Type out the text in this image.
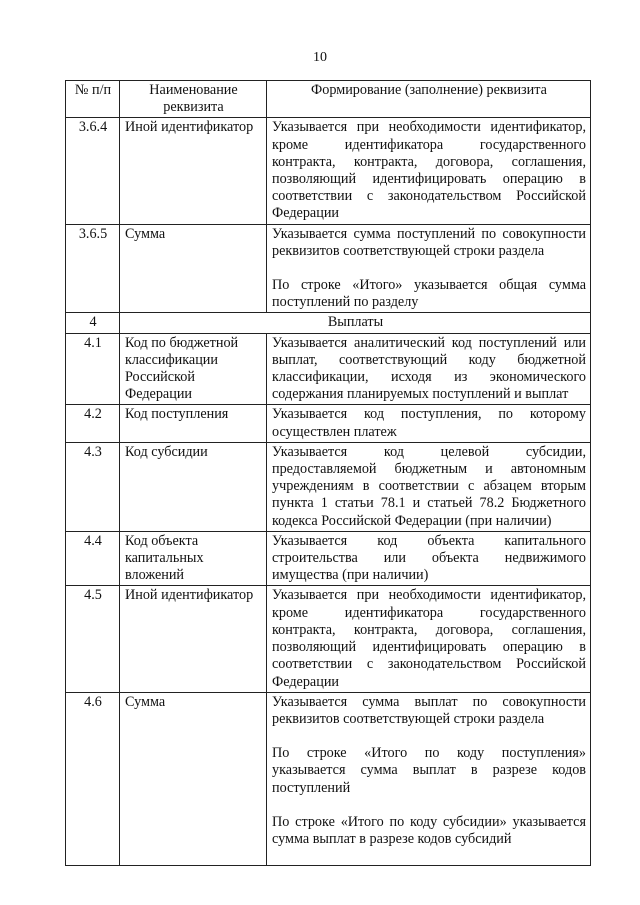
10
№ п/п	Наименование реквизита	Формирование (заполнение) реквизита
3.6.4	Иной идентификатор	Указывается при необходимости идентификатор, кроме идентификатора государственного контракта, контракта, договора, соглашения, позволяющий идентифицировать операцию в соответствии с законодательством Российской Федерации

3.6.5	Сумма	Указывается сумма поступлений по совокупности реквизитов соответствующей строки раздела
По строке «Итого» указывается общая сумма поступлений по разделу

4	Выплаты	
4.1	Код по бюджетной классификации Российской Федерации	Указывается аналитический код поступлений или выплат, соответствующий коду бюджетной классификации, исходя из экономического содержания планируемых поступлений и выплат

4.2	Код поступления	Указывается код поступления, по которому осуществлен платеж

4.3	Код субсидии	Указывается код целевой субсидии, предоставляемой бюджетным и автономным учреждениям в соответствии с абзацем вторым пункта 1 статьи 78.1 и статьей 78.2 Бюджетного кодекса Российской Федерации (при наличии)

4.4	Код объекта капитальных вложений	Указывается код объекта капитального строительства или объекта недвижимого имущества (при наличии)

4.5	Иной идентификатор	Указывается при необходимости идентификатор, кроме идентификатора государственного контракта, контракта, договора, соглашения, позволяющий идентифицировать операцию в соответствии с законодательством Российской Федерации

4.6	Сумма	Указывается сумма выплат по совокупности реквизитов соответствующей строки раздела
По строке «Итого по коду поступления» указывается сумма выплат в разрезе кодов поступлений
По строке «Итого по коду субсидии» указывается сумма выплат в разрезе кодов субсидий
